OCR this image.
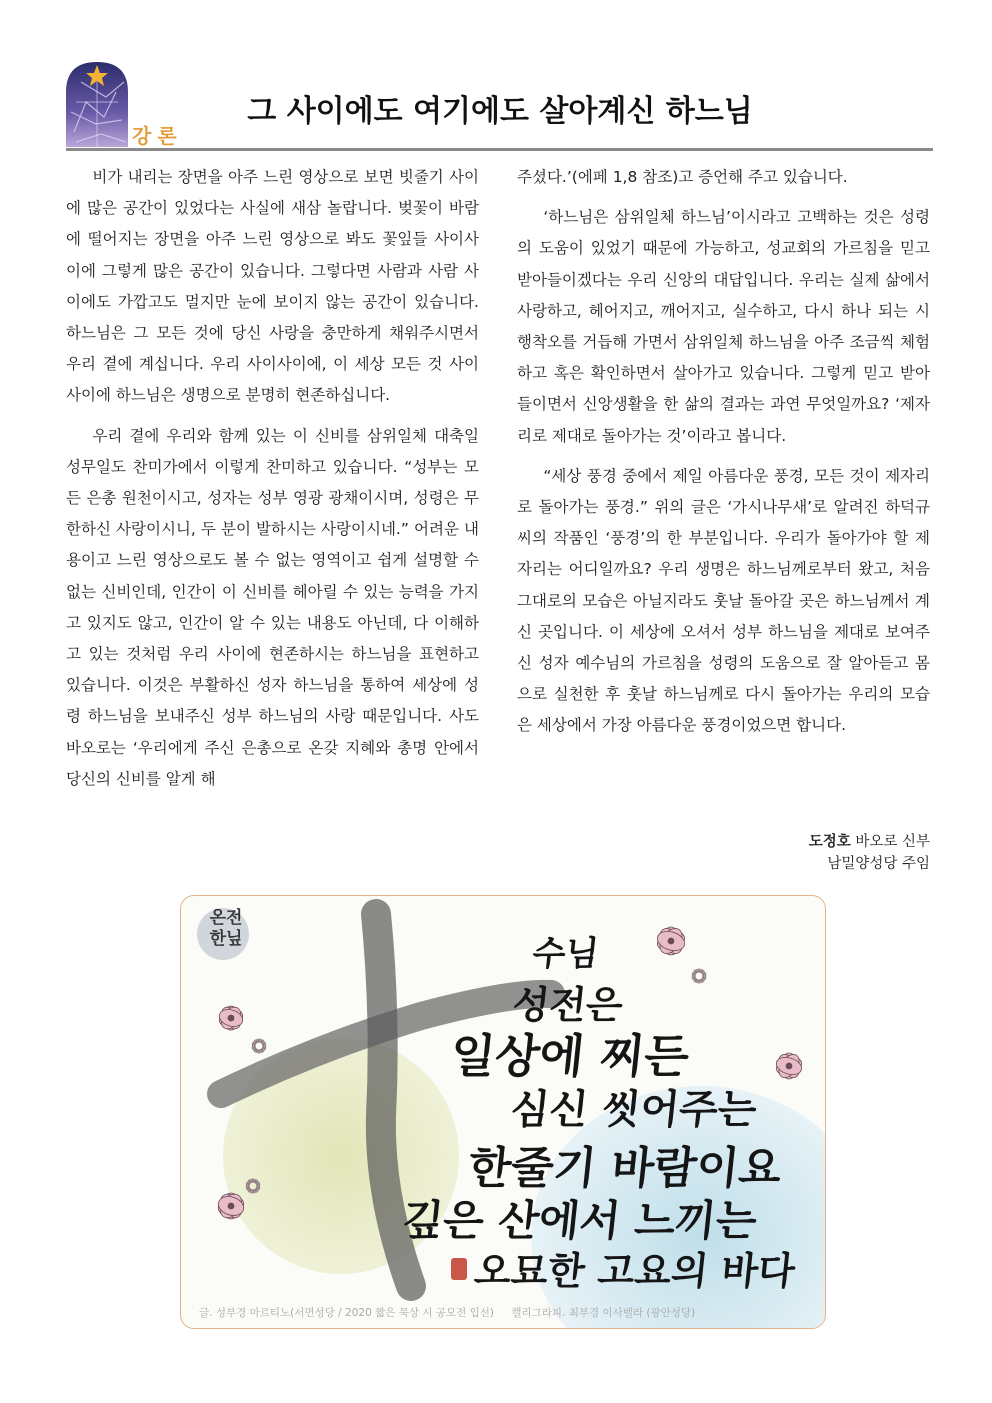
강론
그 사이에도 여기에도 살아계신 하느님

비가 내리는 장면을 아주 느린 영상으로 보면 빗줄기 사이에 많은 공간이 있었다는 사실에 새삼 놀랍니다. 벚꽃이 바람에 떨어지는 장면을 아주 느린 영상으로 봐도 꽃잎들 사이사이에 그렇게 많은 공간이 있습니다. 그렇다면 사람과 사람 사이에도 가깝고도 멀지만 눈에 보이지 않는 공간이 있습니다. 하느님은 그 모든 것에 당신 사랑을 충만하게 채워주시면서 우리 곁에 계십니다. 우리 사이사이에, 이 세상 모든 것 사이사이에 하느님은 생명으로 분명히 현존하십니다.

우리 곁에 우리와 함께 있는 이 신비를 삼위일체 대축일 성무일도 찬미가에서 이렇게 찬미하고 있습니다. “성부는 모든 은총 원천이시고, 성자는 성부 영광 광채이시며, 성령은 무한하신 사랑이시니, 두 분이 발하시는 사랑이시네.” 어려운 내용이고 느린 영상으로도 볼 수 없는 영역이고 쉽게 설명할 수 없는 신비인데, 인간이 이 신비를 헤아릴 수 있는 능력을 가지고 있지도 않고, 인간이 알 수 있는 내용도 아닌데, 다 이해하고 있는 것처럼 우리 사이에 현존하시는 하느님을 표현하고 있습니다. 이것은 부활하신 성자 하느님을 통하여 세상에 성령 하느님을 보내주신 성부 하느님의 사랑 때문입니다. 사도 바오로는 ‘우리에게 주신 은총으로 온갖 지혜와 총명 안에서 당신의 신비를 알게 해

주셨다.’(에페 1,8 참조)고 증언해 주고 있습니다.

‘하느님은 삼위일체 하느님’이시라고 고백하는 것은 성령의 도움이 있었기 때문에 가능하고, 성교회의 가르침을 믿고 받아들이겠다는 우리 신앙의 대답입니다. 우리는 실제 삶에서 사랑하고, 헤어지고, 깨어지고, 실수하고, 다시 하나 되는 시행착오를 거듭해 가면서 삼위일체 하느님을 아주 조금씩 체험하고 혹은 확인하면서 살아가고 있습니다. 그렇게 믿고 받아들이면서 신앙생활을 한 삶의 결과는 과연 무엇일까요? ‘제자리로 제대로 돌아가는 것’이라고 봅니다.

“세상 풍경 중에서 제일 아름다운 풍경, 모든 것이 제자리로 돌아가는 풍경.” 위의 글은 ‘가시나무새’로 알려진 하덕규 씨의 작품인 ‘풍경’의 한 부분입니다. 우리가 돌아가야 할 제자리는 어디일까요? 우리 생명은 하느님께로부터 왔고, 처음 그대로의 모습은 아닐지라도 훗날 돌아갈 곳은 하느님께서 계신 곳입니다. 이 세상에 오셔서 성부 하느님을 제대로 보여주신 성자 예수님의 가르침을 성령의 도움으로 잘 알아듣고 몸으로 실천한 후 훗날 하느님께로 다시 돌아가는 우리의 모습은 세상에서 가장 아름다운 풍경이었으면 합니다.

도정호 바오로 신부
남밀양성당 주임
온전
한닢	수님
성전은
일상에 찌든
심신 씻어주는
한줄기 바람이요
깊은 산에서 느끼는
오묘한 고요의 바다
글. 성부경 마르티노(서면성당 / 2020 짧은 묵상 시 공모전 입선) 캘리그라피. 최부경 이사벨라 (광안성당)
